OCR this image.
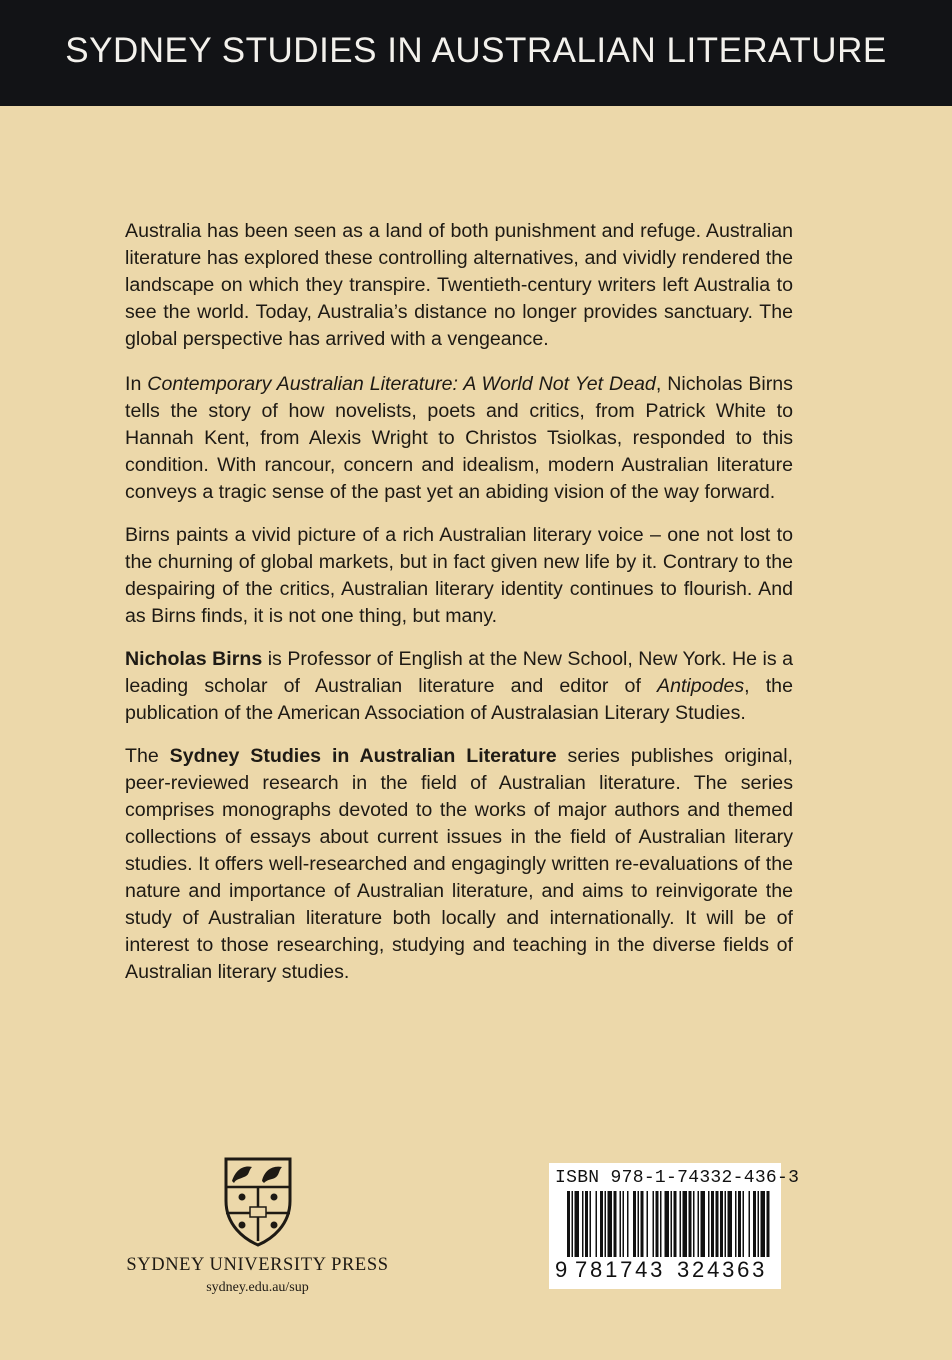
SYDNEY STUDIES IN AUSTRALIAN LITERATURE

Australia has been seen as a land of both punishment and refuge. Australian literature has explored these controlling alternatives, and vividly rendered the landscape on which they transpire. Twentieth-century writers left Australia to see the world. Today, Australia’s distance no longer provides sanctuary. The global perspective has arrived with a vengeance.

In Contemporary Australian Literature: A World Not Yet Dead, Nicholas Birns tells the story of how novelists, poets and critics, from Patrick White to Hannah Kent, from Alexis Wright to Christos Tsiolkas, responded to this condition. With rancour, concern and idealism, modern Australian literature conveys a tragic sense of the past yet an abiding vision of the way forward.

Birns paints a vivid picture of a rich Australian literary voice – one not lost to the churning of global markets, but in fact given new life by it. Contrary to the despairing of the critics, Australian literary identity continues to flourish. And as Birns finds, it is not one thing, but many.

Nicholas Birns is Professor of English at the New School, New York. He is a leading scholar of Australian literature and editor of Antipodes, the publication of the American Association of Australasian Literary Studies.

The Sydney Studies in Australian Literature series publishes original, peer-reviewed research in the field of Australian literature. The series comprises monographs devoted to the works of major authors and themed collections of essays about current issues in the field of Australian literary studies. It offers well-researched and engagingly written re-evaluations of the nature and importance of Australian literature, and aims to reinvigorate the study of Australian literature both locally and internationally. It will be of interest to those researching, studying and teaching in the diverse fields of Australian literary studies.

SYDNEY UNIVERSITY PRESS
sydney.edu.au/sup
ISBN 978-1-74332-436-3
9 781743 324363
